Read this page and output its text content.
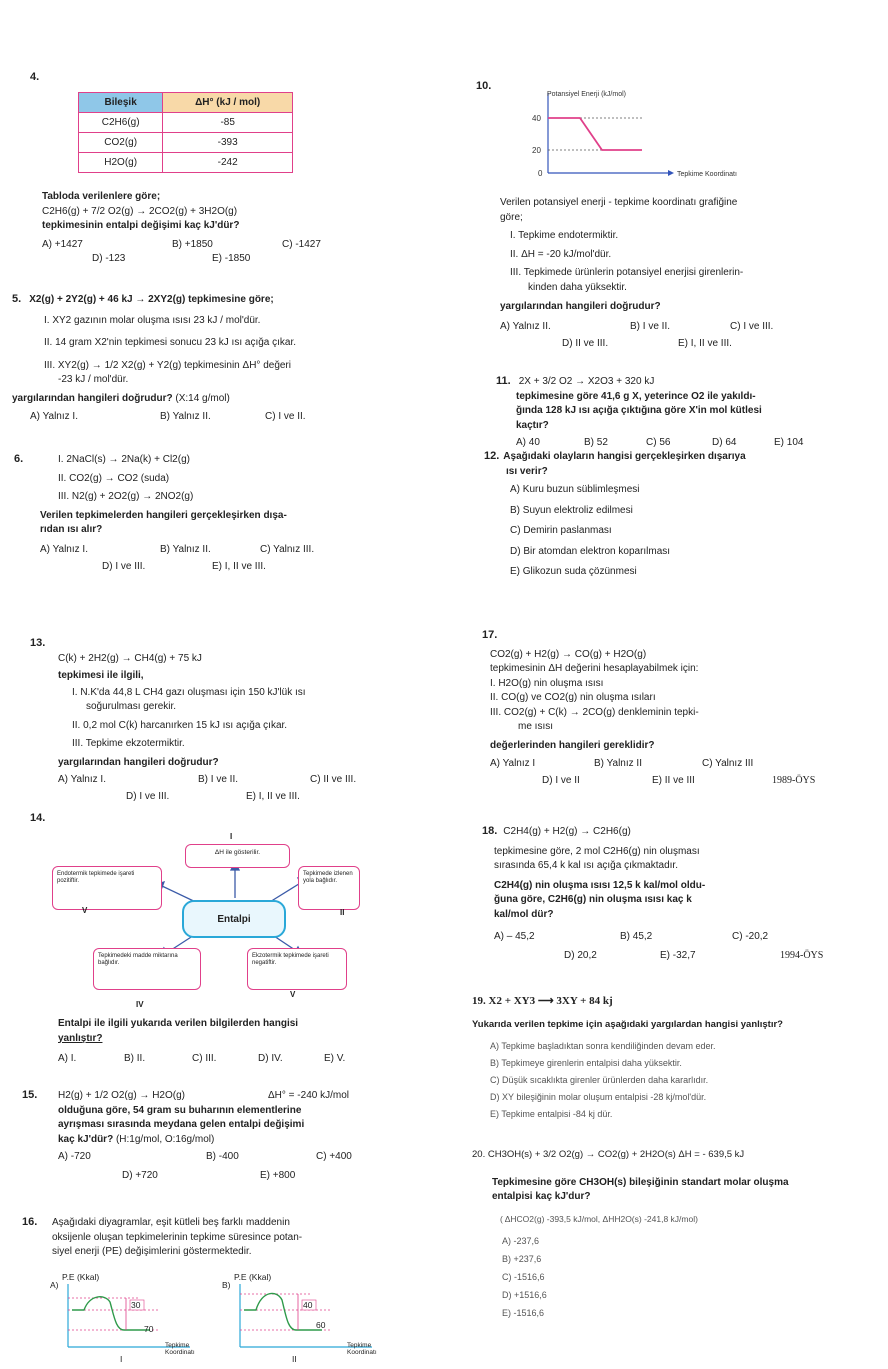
4.

Bileşik	ΔH° (kJ / mol)
C2H6(g)	-85
CO2(g)	-393
H2O(g)	-242

Tabloda verilenlere göre;

C2H6(g) + 7/2 O2(g) → 2CO2(g) + 3H2O(g)

tepkimesinin entalpi değişimi kaç kJ'dür?

A) +1427	B) +1850	C) -1427

D) -123	E) -1850

5. X2(g) + 2Y2(g) + 46 kJ → 2XY2(g) tepkimesine göre;

I. XY2 gazının molar oluşma ısısı 23 kJ / mol'dür.

II. 14 gram X2'nin tepkimesi sonucu 23 kJ ısı açığa çıkar.

III. XY2(g) → 1/2 X2(g) + Y2(g) tepkimesinin ΔH° değeri

-23 kJ / mol'dür.

yargılarından hangileri doğrudur? (X:14 g/mol)

A) Yalnız I.	B) Yalnız II.	C) I ve II.

6.	I. 2NaCl(s) → 2Na(k) + Cl2(g)

II. CO2(g) → CO2 (suda)

III. N2(g) + 2O2(g) → 2NO2(g)

Verilen tepkimelerden hangileri gerçekleşirken dışa-

rıdan ısı alır?

A) Yalnız I.	B) Yalnız II.	C) Yalnız III.

D) I ve III.	E) I, II ve III.

10.
Potansiyel Enerji (kJ/mol)
40
20
0	Tepkime Koordinatı

Verilen potansiyel enerji - tepkime koordinatı grafiğine

göre;

I. Tepkime endotermiktir.

II. ΔH = -20 kJ/mol'dür.

III. Tepkimede ürünlerin potansiyel enerjisi girenlerin-

kinden daha yüksektir.

yargılarından hangileri doğrudur?

A) Yalnız II.	B) I ve II.	C) I ve III.

D) II ve III.	E) I, II ve III.

11. 2X + 3/2 O2 → X2O3 + 320 kJ

tepkimesine göre 41,6 g X, yeterince O2 ile yakıldı-

ğında 128 kJ ısı açığa çıktığına göre X'in mol kütlesi

kaçtır?

A) 40	B) 52	C) 56	D) 64	E) 104

12. Aşağıdaki olayların hangisi gerçekleşirken dışarıya

ısı verir?

A) Kuru buzun süblimleşmesi

B) Suyun elektroliz edilmesi

C) Demirin paslanması

D) Bir atomdan elektron koparılması

E) Glikozun suda çözünmesi

13.

C(k) + 2H2(g) → CH4(g) + 75 kJ

tepkimesi ile ilgili,

I. N.K'da 44,8 L CH4 gazı oluşması için 150 kJ'lük ısı

soğurulması gerekir.

II. 0,2 mol C(k) harcanırken 15 kJ ısı açığa çıkar.

III. Tepkime ekzotermiktir.

yargılarından hangileri doğrudur?

A) Yalnız I.	B) I ve II.	C) II ve III.

D) I ve III.	E) I, II ve III.

14.
ΔH ile gösterilir.
Tepkimede izlenen yola bağlıdır.
Ekzotermik tepkimede işareti negatiftir.
Tepkimedeki madde miktarına bağlıdır.
Endotermik tepkimede işareti pozitiftir.
Entalpi
I
II
V
IV
V

Entalpi ile ilgili yukarıda verilen bilgilerden hangisi

yanlıştır?

A) I.	B) II.	C) III.	D) IV.	E) V.

15. H2(g) + 1/2 O2(g) → H2O(g)	ΔH° = -240 kJ/mol

olduğuna göre, 54 gram su buharının elementlerine

ayrışması sırasında meydana gelen entalpi değişimi

kaç kJ'dür? (H:1g/mol, O:16g/mol)

A) -720	B) -400	C) +400

D) +720	E) +800

16. Aşağıdaki diyagramlar, eşit kütleli beş farklı maddenin

oksijenle oluşan tepkimelerinin tepkime süresince potan-

siyel enerji (PE) değişimlerini göstermektedir.

A)
P.E (Kkal)
30
70
I
Tepkime Koordinatı
B)
P.E (Kkal)
40
60
II
Tepkime Koordinatı

17.

CO2(g) + H2(g) → CO(g) + H2O(g)

tepkimesinin ΔH değerini hesaplayabilmek için:

I. H2O(g) nin oluşma ısısı

II. CO(g) ve CO2(g) nin oluşma ısıları

III. CO2(g) + C(k) → 2CO(g) denkleminin tepki-

me ısısı

değerlerinden hangileri gereklidir?

A) Yalnız I	B) Yalnız II	C) Yalnız III

D) I ve II	E) II ve III	1989-ÖYS

18. C2H4(g) + H2(g) → C2H6(g)

tepkimesine göre, 2 mol C2H6(g) nin oluşması

sırasında 65,4 k kal ısı açığa çıkmaktadır.

C2H4(g) nin oluşma ısısı 12,5 k kal/mol oldu-

ğuna göre, C2H6(g) nin oluşma ısısı kaç k

kal/mol dür?

A) – 45,2	B) 45,2	C) -20,2

D) 20,2	E) -32,7	1994-ÖYS

19. X2 + XY3 ⟶ 3XY + 84 kj

Yukarıda verilen tepkime için aşağıdaki yargılardan hangisi yanlıştır?

A) Tepkime başladıktan sonra kendiliğinden devam eder.

B) Tepkimeye girenlerin entalpisi daha yüksektir.

C) Düşük sıcaklıkta girenler ürünlerden daha kararlıdır.

D) XY bileşiğinin molar oluşum entalpisi -28 kj/mol'dür.

E) Tepkime entalpisi -84 kj dür.

20. CH3OH(s) + 3/2 O2(g) → CO2(g) + 2H2O(s) ΔH = - 639,5 kJ

Tepkimesine göre CH3OH(s) bileşiğinin standart molar oluşma

entalpisi kaç kJ'dur?

( ΔHCO2(g) -393,5 kJ/mol, ΔHH2O(s) -241,8 kJ/mol)

A) -237,6

B) +237,6

C) -1516,6

D) +1516,6

E) -1516,6
